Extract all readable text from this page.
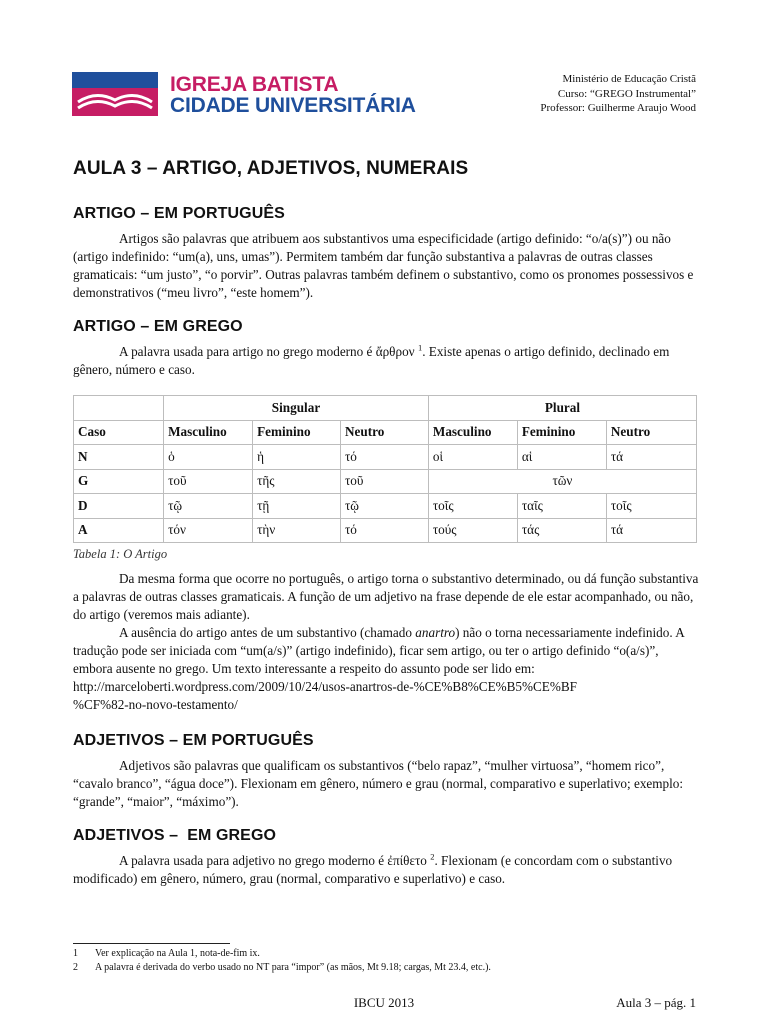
IGREJA BATISTA
CIDADE UNIVERSITÁRIA
Ministério de Educação Cristã
Curso: “GREGO Instrumental”
Professor: Guilherme Araujo Wood
AULA 3 – ARTIGO, ADJETIVOS, NUMERAIS
ARTIGO – EM PORTUGUÊS

Artigos são palavras que atribuem aos substantivos uma especificidade (artigo definido: “o/a(s)”) ou não (artigo indefinido: “um(a), uns, umas”). Permitem também dar função substantiva a palavras de outras classes gramaticais: “um justo”, “o porvir”. Outras palavras também definem o substantivo, como os pronomes possessivos e demonstrativos (“meu livro”, “este homem”).

ARTIGO – EM GREGO

A palavra usada para artigo no grego moderno é ἄρθρον $^1$. Existe apenas o artigo definido, declinado em gênero, número e caso.

	Singular			Plural		
Caso	Masculino	Feminino	Neutro	Masculino	Feminino	Neutro
N	ὁ	ἡ	τό	οἱ	αἱ	τά
G	τοῦ	τῆς	τοῦ	τῶν		
D	τῷ	τῇ	τῷ	τοῖς	ταῖς	τοῖς
A	τόν	τὴν	τό	τούς	τάς	τά
Tabela 1: O Artigo

Da mesma forma que ocorre no português, o artigo torna o substantivo determinado, ou dá função substantiva a palavras de outras classes gramaticais. A função de um adjetivo na frase depende de ele estar acompanhado, ou não, do artigo (veremos mais adiante).

A ausência do artigo antes de um substantivo (chamado anartro) não o torna necessariamente indefinido. A tradução pode ser iniciada com “um(a/s)” (artigo indefinido), ficar sem artigo, ou ter o artigo definido “o(a/s)”, embora ausente no grego. Um texto interessante a respeito do assunto pode ser lido em:

http://marceloberti.wordpress.com/2009/10/24/usos-anartros-de-%CE%B8%CE%B5%CE%BF
%CF%82-no-novo-testamento/
ADJETIVOS – EM PORTUGUÊS

Adjetivos são palavras que qualificam os substantivos (“belo rapaz”, “mulher virtuosa”, “homem rico”, “cavalo branco”, “água doce”). Flexionam em gênero, número e grau (normal, comparativo e superlativo; exemplo: “grande”, “maior”, “máximo”).

ADJETIVOS –  EM GREGO

A palavra usada para adjetivo no grego moderno é ἐπίθετο $^2$. Flexionam (e concordam com o substantivo modificado) em gênero, número, grau (normal, comparativo e superlativo) e caso.

1 Ver explicação na Aula 1, nota-de-fim ix.
2 A palavra é derivada do verbo usado no NT para “impor” (as mãos, Mt 9.18; cargas, Mt 23.4, etc.).
IBCU 2013	Aula 3 – pág. 1
